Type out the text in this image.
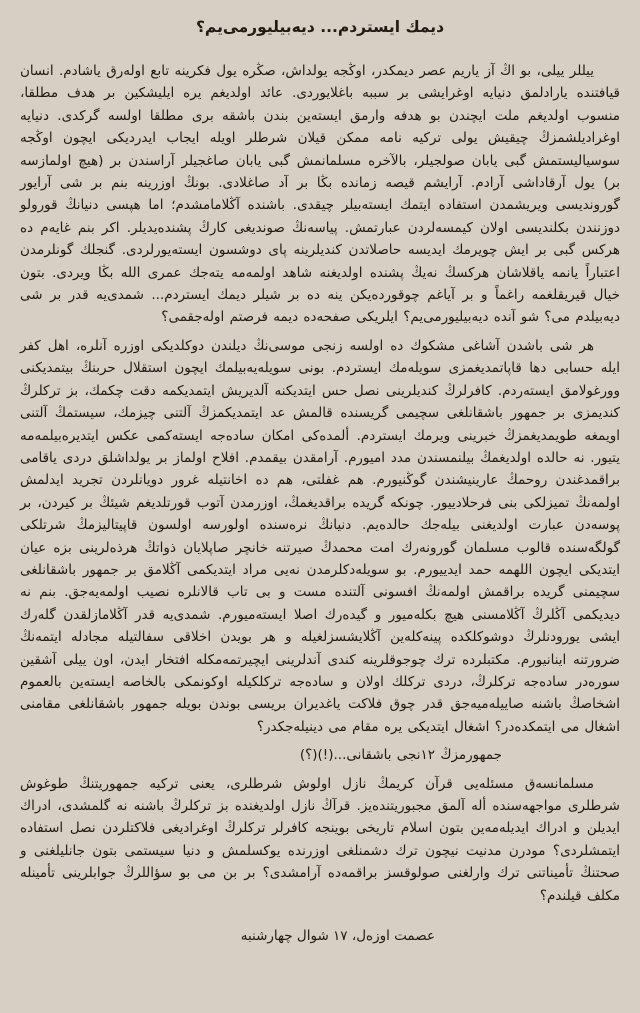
ديمك ايستردم... ديه‌بيليورمى‌يم؟

ييللر ييلى، بو اڭ آز ياريم عصر ديمكدر، اوڭجه يولداش، صڭره يول فكرينه تابع اوله‌رق ياشادم. انسان قيافتنده يارادلمق دنيايه اوغرايشى بر سببه باغلايوردى. عائد اولديغم يره ايليشكين بر هدف مطلقا، منسوب اولديغم ملت ايچندن بو هدفه وارمق ايسته‌ين بندن باشقه برى مطلقا اولسه گركدى. دنيايه اوغراديلشمزڭ چيقيش يولى تركيه نامه ممكن قيلان شرطلر اويله ايجاب ايدرديكى ايچون اوڭجه سوسياليستمش گبى يابان صولجيلر، بالآخره مسلمانمش گبى يابان صاغجيلر آراسندن بر (هيچ اولمازسه بر) يول آرقاداشى آرادم. آرايشم قيصه زمانده بڭا بر آد صاغلادى. بونڭ اوزرينه بنم بر شى آرايور گورونديسى ويريشمدن استفاده ايتمك ايسته‌بيلر چيقدى. باشنده آڭلامامشدم؛ اما هپسى دنيانڭ قورولو دوزنندن بكلنديسى اولان كيمسه‌لردن عبارتمش. پياسه‌نڭ صونديغى كارڭ پشنده‌يديلر. اكر بنم غايه‌م ده هركس گبى بر ايش چويرمك ايديسه حاصلاتدن كنديلرينه پاى دوشسون ايسته‌يورلردى. گنجلك گونلرمدن اعتباراً يانمه ياقلاشان هركسڭ نه‌يڭ پشنده اولديغنه شاهد اولمه‌مه يته‌جك عمرى الله بڭا ويردى. بتون خيال قيريقلغمه راغماً و بر آياغم چوقورده‌يكن ينه ده بر شيلر ديمك ايستردم... شمدى‌يه قدر بر شى ديه‌بيلدم مى؟ شو آنده ديه‌بيليورمى‌يم؟ ايلريكى صفحه‌ده ديمه فرصتم اوله‌جقمى؟

هر شى باشدن آشاغى مشكوك ده اولسه زنجى موسى‌نڭ ديلندن دوكلديكى اوزره آنلره، اهل كفر ايله حسابى دها قاپاتمديغمزى سويله‌مك ايستردم. بونى سويله‌يه‌بيلمك ايچون استقلال حربنڭ بيتمديكنى وورغولامق ايسته‌ردم. كافرلرڭ كنديلرينى نصل حس ايتديكنه آلديريش ايتمديكمه دقت چكمك، بز تركلرڭ كنديمزى بر جمهور باشقانلغى سچيمى گريسنده قالمش عد ايتمديكمزڭ آلتنى چيزمك، سيستمڭ آلتنى اويمغه طويمديغمزڭ خبرينى ويرمك ايستردم. ألمده‌كى امكان ساده‌جه ايسته‌كمى عكس ايتديره‌بيلمه‌مه يتيور. نه حالده اولديغمڭ بيلنمسندن مدد اميورم. آرامقدن بيقمدم. افلاح اولماز بر يولداشلق دردى ياقامى براقمدغندن روحمڭ عارينيشندن گوڭنيورم. هم غفلتى، هم ده اخانتيله غرور دويانلردن تجريد ايدلمش اولمه‌نڭ تميزلكى بنى فرحلادييور. چونكه گريده براقديغمڭ، اوزرمدن آتوب قورتلديغم شيئڭ بر كيردن، بر پوسه‌دن عبارت اولديغنى بيله‌جك حالده‌يم. دنيانڭ نره‌سنده اولورسه اولسون قاپيتاليزمڭ شرتلكى گولگه‌سنده قالوب مسلمان گورونه‌رك امت محمدڭ صيرتنه خانچر صاپلايان ذواتڭ هرذه‌لرينى بزه عيان ايتديكى ايچون اللهمه حمد ايدييورم. بو سويله‌دكلرمدن نه‌يى مراد ايتديكمى آڭلامق بر جمهور باشقانلغى سچيمنى گريده براقمش اولمه‌نڭ افسونى آلتنده مست و بى تاب قالانلره نصيب اولمه‌يه‌جق. بنم نه ديديكمى آڭلرڭ آڭلامسنى هيچ بكله‌ميور و گيده‌رك اصلا ايسته‌ميورم. شمدى‌يه قدر آڭلامازلقدن گله‌رك ايشى يورودنلرڭ دوشوكلكده پينه‌كله‌ين آڭلايشسزلغيله و هر بويدن اخلاقى سفالتيله مجادله ايتمه‌نڭ ضرورتنه اينانيورم. مكتبلرده ترك چوجوقلرينه كندى آندلرينى ايچيرتمه‌مكله افتخار ايدن، اون ييلى آشقين سوره‌در ساده‌جه تركلرڭ، دردى تركلك اولان و ساده‌جه تركلكيله اوكونمكى بالخاصه ايسته‌ين بالعموم اشخاصڭ باشنه صاييله‌ميه‌جق قدر چوق فلاكت ياغديران بريسى بوندن بويله جمهور باشقانلغى مقامنى اشغال مى ايتمكده‌در؟ اشغال ايتديكى يره مقام مى دينيله‌جكدر؟

جمهورمزڭ ١٢نجى باشقانى...(!)(؟)

مسلمانسه‌ق مسئله‌يى قرآن كريمڭ نازل اولوش شرطلرى، يعنى تركيه جمهوريتنڭ طوغوش شرطلرى مواجهه‌سنده أله آلمق مجبوريتنده‌يز. قرآڭ نازل اولديغنده بز تركلرڭ باشنه نه گلمشدى، ادراك ايديلن و ادراك ايديله‌مه‌ين بتون اسلام تاريخى بوينجه كافرلر تركلرڭ اوغراديغى فلاكتلردن نصل استفاده ايتمشلردى؟ مودرن مدنيت نيچون ترك دشمنلغى اوزرنده يوكسلمش و دنيا سيستمى بتون جانليلغنى و صحتنڭ تأميناتنى ترك وارلغنى صولوقسز براقمه‌ده آرامشدى؟ بر بن مى بو سؤاللرڭ جوابلرينى تأمينله مكلف قيلندم؟

عصمت اوزه‌ل، ١٧ شوال چهارشنبه
